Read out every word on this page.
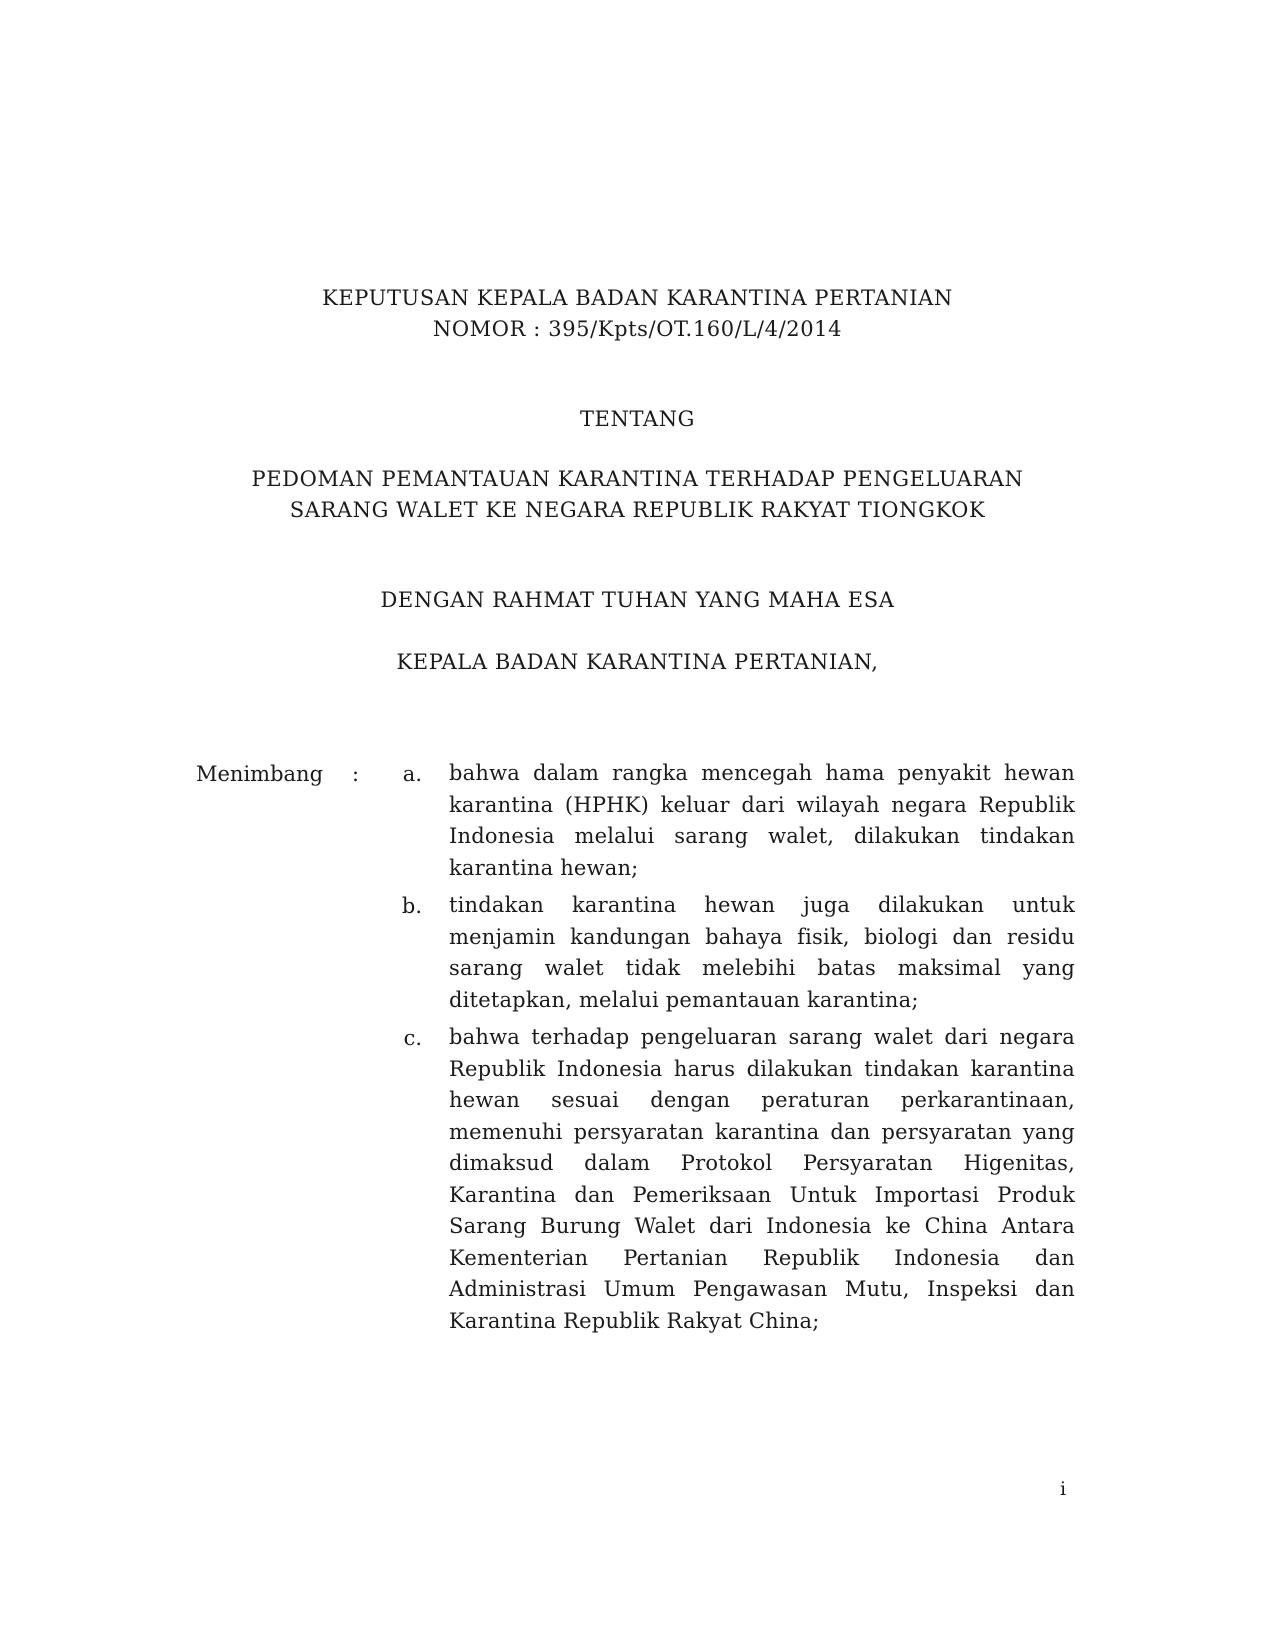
KEPUTUSAN KEPALA BADAN KARANTINA PERTANIAN
NOMOR : 395/Kpts/OT.160/L/4/2014
TENTANG
PEDOMAN PEMANTAUAN KARANTINA TERHADAP PENGELUARAN
SARANG WALET KE NEGARA REPUBLIK RAKYAT TIONGKOK
DENGAN RAHMAT TUHAN YANG MAHA ESA
KEPALA BADAN KARANTINA PERTANIAN,
Menimbang :	a. bahwa dalam rangka mencegah hama penyakit hewan karantina (HPHK) keluar dari wilayah negara Republik Indonesia melalui sarang walet, dilakukan tindakan karantina hewan;
b. tindakan karantina hewan juga dilakukan untuk menjamin kandungan bahaya fisik, biologi dan residu sarang walet tidak melebihi batas maksimal yang ditetapkan, melalui pemantauan karantina;
c. bahwa terhadap pengeluaran sarang walet dari negara Republik Indonesia harus dilakukan tindakan karantina hewan sesuai dengan peraturan perkarantinaan, memenuhi persyaratan karantina dan persyaratan yang dimaksud dalam Protokol Persyaratan Higenitas, Karantina dan Pemeriksaan Untuk Importasi Produk Sarang Burung Walet dari Indonesia ke China Antara Kementerian Pertanian Republik Indonesia dan Administrasi Umum Pengawasan Mutu, Inspeksi dan Karantina Republik Rakyat China;
i
